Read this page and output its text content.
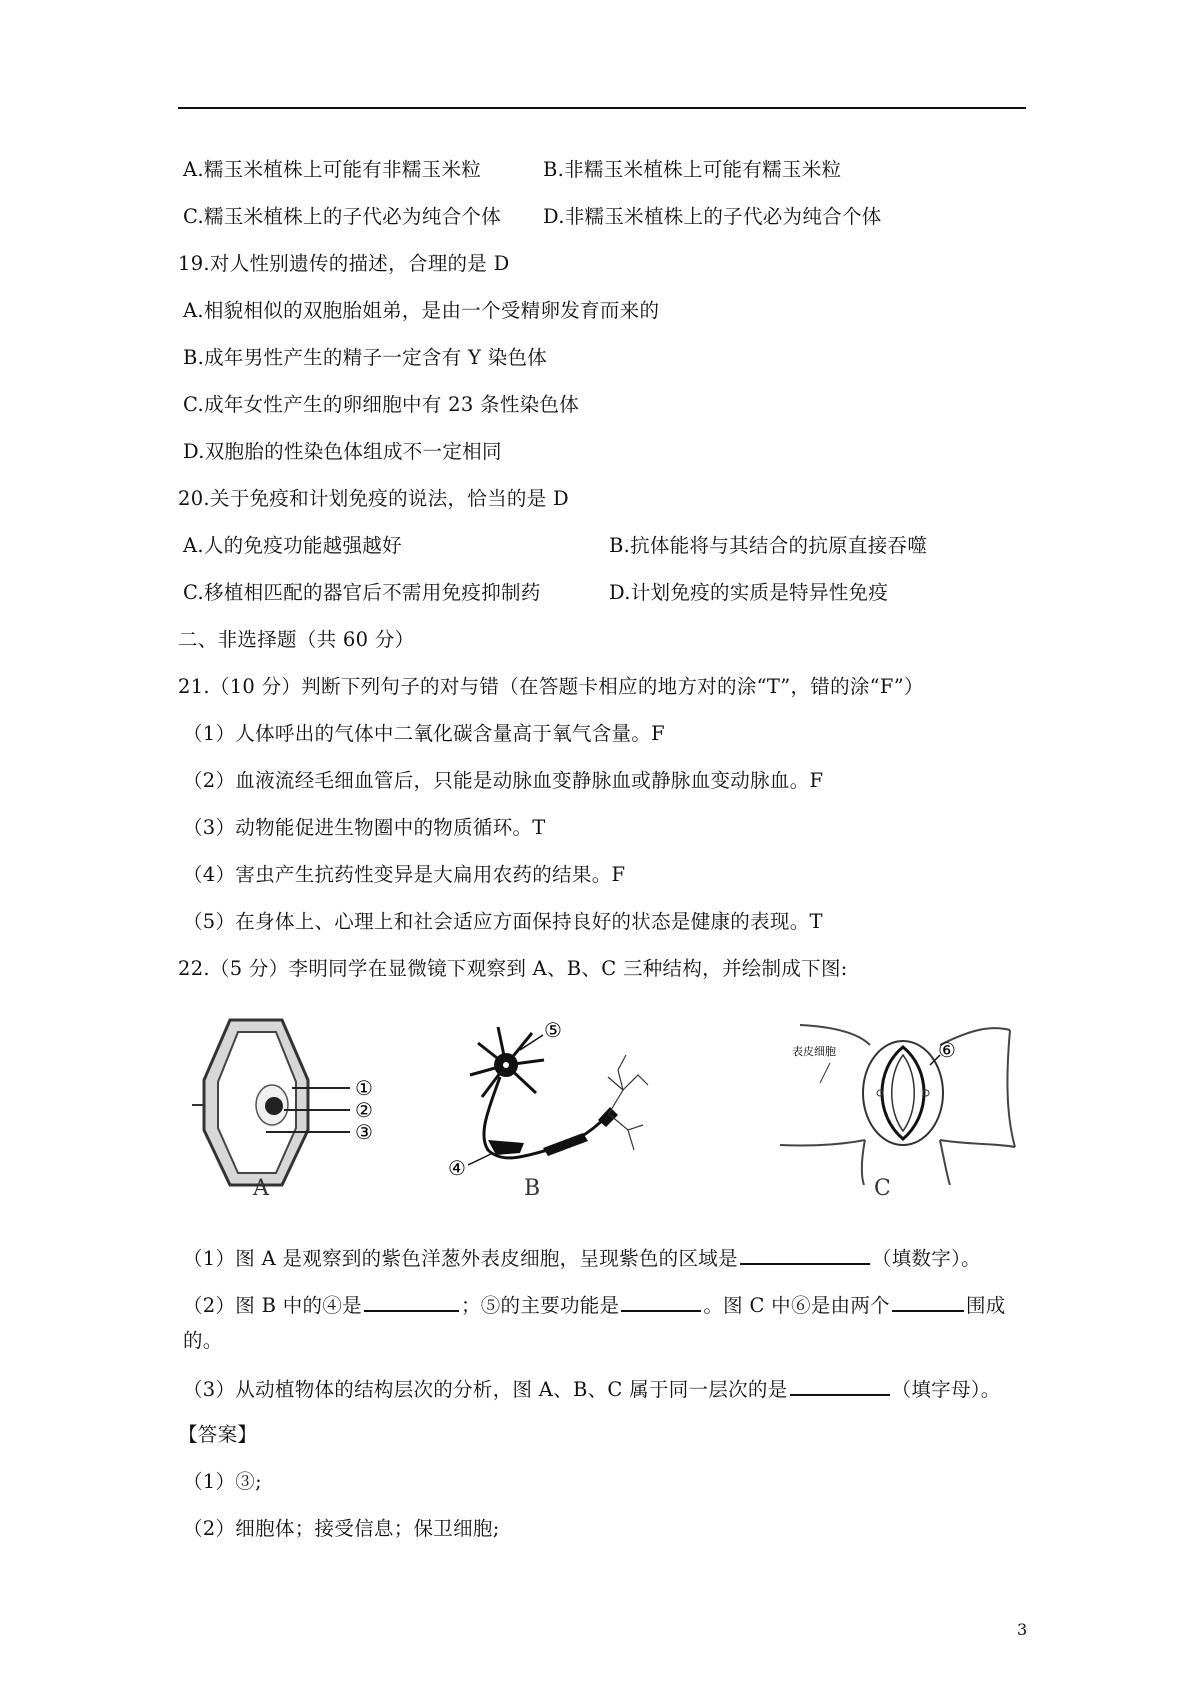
A.糯玉米植株上可能有非糯玉米粒	B.非糯玉米植株上可能有糯玉米粒
C.糯玉米植株上的子代必为纯合个体 D.非糯玉米植株上的子代必为纯合个体
19.对人性别遗传的描述，合理的是 D
A.相貌相似的双胞胎姐弟，是由一个受精卵发育而来的
B.成年男性产生的精子一定含有 Y 染色体
C.成年女性产生的卵细胞中有 23 条性染色体
D.双胞胎的性染色体组成不一定相同
20.关于免疫和计划免疫的说法，恰当的是 D
A.人的免疫功能越强越好	B.抗体能将与其结合的抗原直接吞噬
C.移植相匹配的器官后不需用免疫抑制药	D.计划免疫的实质是特异性免疫
二、非选择题（共 60 分）
21.（10 分）判断下列句子的对与错（在答题卡相应的地方对的涂“T”，错的涂“F”）
（1）人体呼出的气体中二氧化碳含量高于氧气含量。F
（2）血液流经毛细血管后，只能是动脉血变静脉血或静脉血变动脉血。F
（3）动物能促进生物圈中的物质循环。T
（4）害虫产生抗药性变异是大扁用农药的结果。F
（5）在身体上、心理上和社会适应方面保持良好的状态是健康的表现。T
22.（5 分）李明同学在显微镜下观察到 A、B、C 三种结构，并绘制成下图:
①
②
③
A
⑤
④
B
⑥
表皮细胞
C
（1）图 A 是观察到的紫色洋葱外表皮细胞，呈现紫色的区域是	（填数字）。
（2）图 B 中的④是	；⑤的主要功能是	。图 C 中⑥是由两个	围成
的。
（3）从动植物体的结构层次的分析，图 A、B、C 属于同一层次的是	（填字母）。
【答案】
（1）③;
（2）细胞体；接受信息；保卫细胞;
3
